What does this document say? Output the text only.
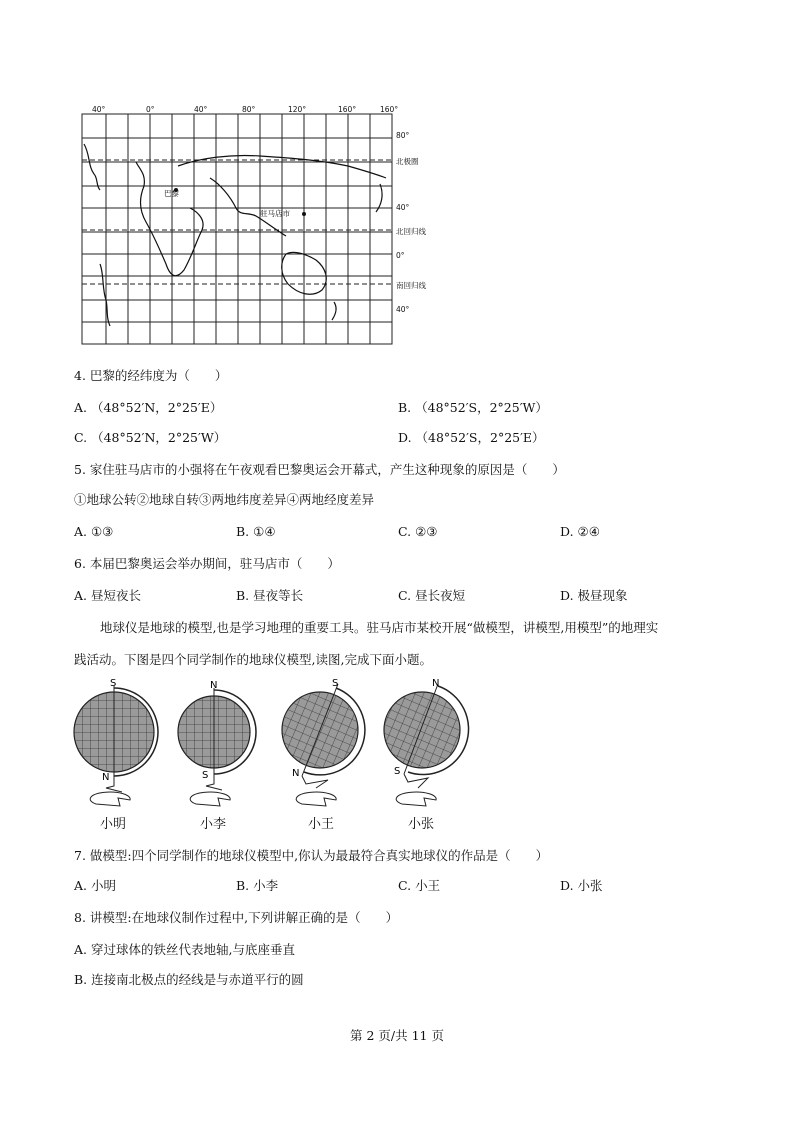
40°	0°	40°	80°	120°	160°	160°
80°
40°
0°
40°
北极圈
北回归线
南回归线
巴黎
驻马店市
4. 巴黎的经纬度为（　　）
A. （48°52′N，2°25′E）	B. （48°52′S，2°25′W）
C. （48°52′N，2°25′W）	D. （48°52′S，2°25′E）
5. 家住驻马店市的小强将在午夜观看巴黎奥运会开幕式，产生这种现象的原因是（　　）
①地球公转②地球自转③两地纬度差异④两地经度差异
A. ①③	B. ①④	C. ②③	D. ②④
6. 本届巴黎奥运会举办期间，驻马店市（　　）
A. 昼短夜长	B. 昼夜等长	C. 昼长夜短	D. 极昼现象
地球仪是地球的模型,也是学习地理的重要工具。驻马店市某校开展“做模型，讲模型,用模型”的地理实
践活动。下图是四个同学制作的地球仪模型,读图,完成下面小题。
S
N
N
S
S
N
N
S
小明	小李	小王	小张
7. 做模型:四个同学制作的地球仪模型中,你认为最最符合真实地球仪的作品是（　　）
A. 小明	B. 小李	C. 小王	D. 小张
8. 讲模型:在地球仪制作过程中,下列讲解正确的是（　　）
A. 穿过球体的铁丝代表地轴,与底座垂直
B. 连接南北极点的经线是与赤道平行的圆
第 2 页/共 11 页
